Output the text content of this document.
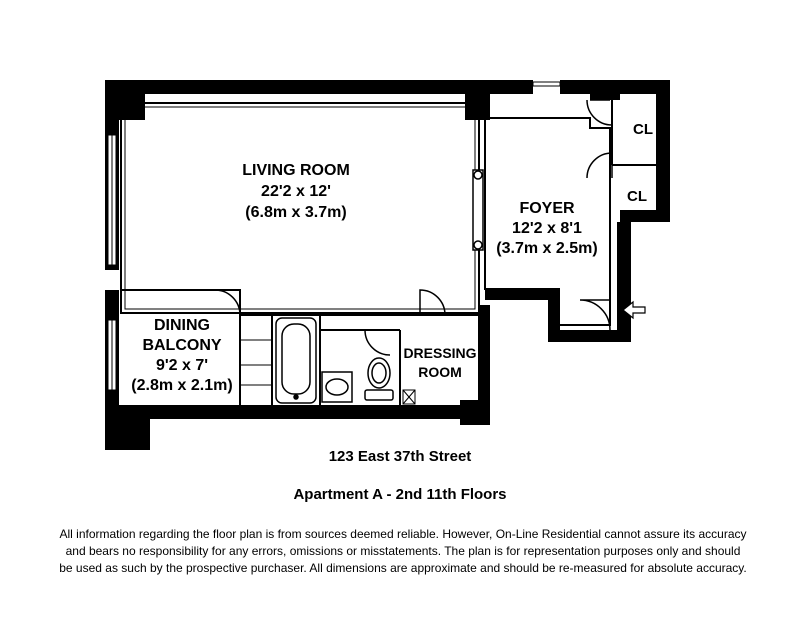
LIVING ROOM
22'2 x 12'
(6.8m x 3.7m)	FOYER
12'2 x 8'1
(3.7m x 2.5m)
DINING
BALCONY
9'2 x 7'
(2.8m x 2.1m)
DRESSING
ROOM
CL
CL
123 East 37th Street
Apartment A - 2nd 11th Floors
All information regarding the floor plan is from sources deemed reliable. However, On-Line Residential cannot assure its accuracy and bears no responsibility for any errors, omissions or misstatements. The plan is for representation purposes only and should be used as such by the prospective purchaser. All dimensions are approximate and should be re-measured for absolute accuracy.
